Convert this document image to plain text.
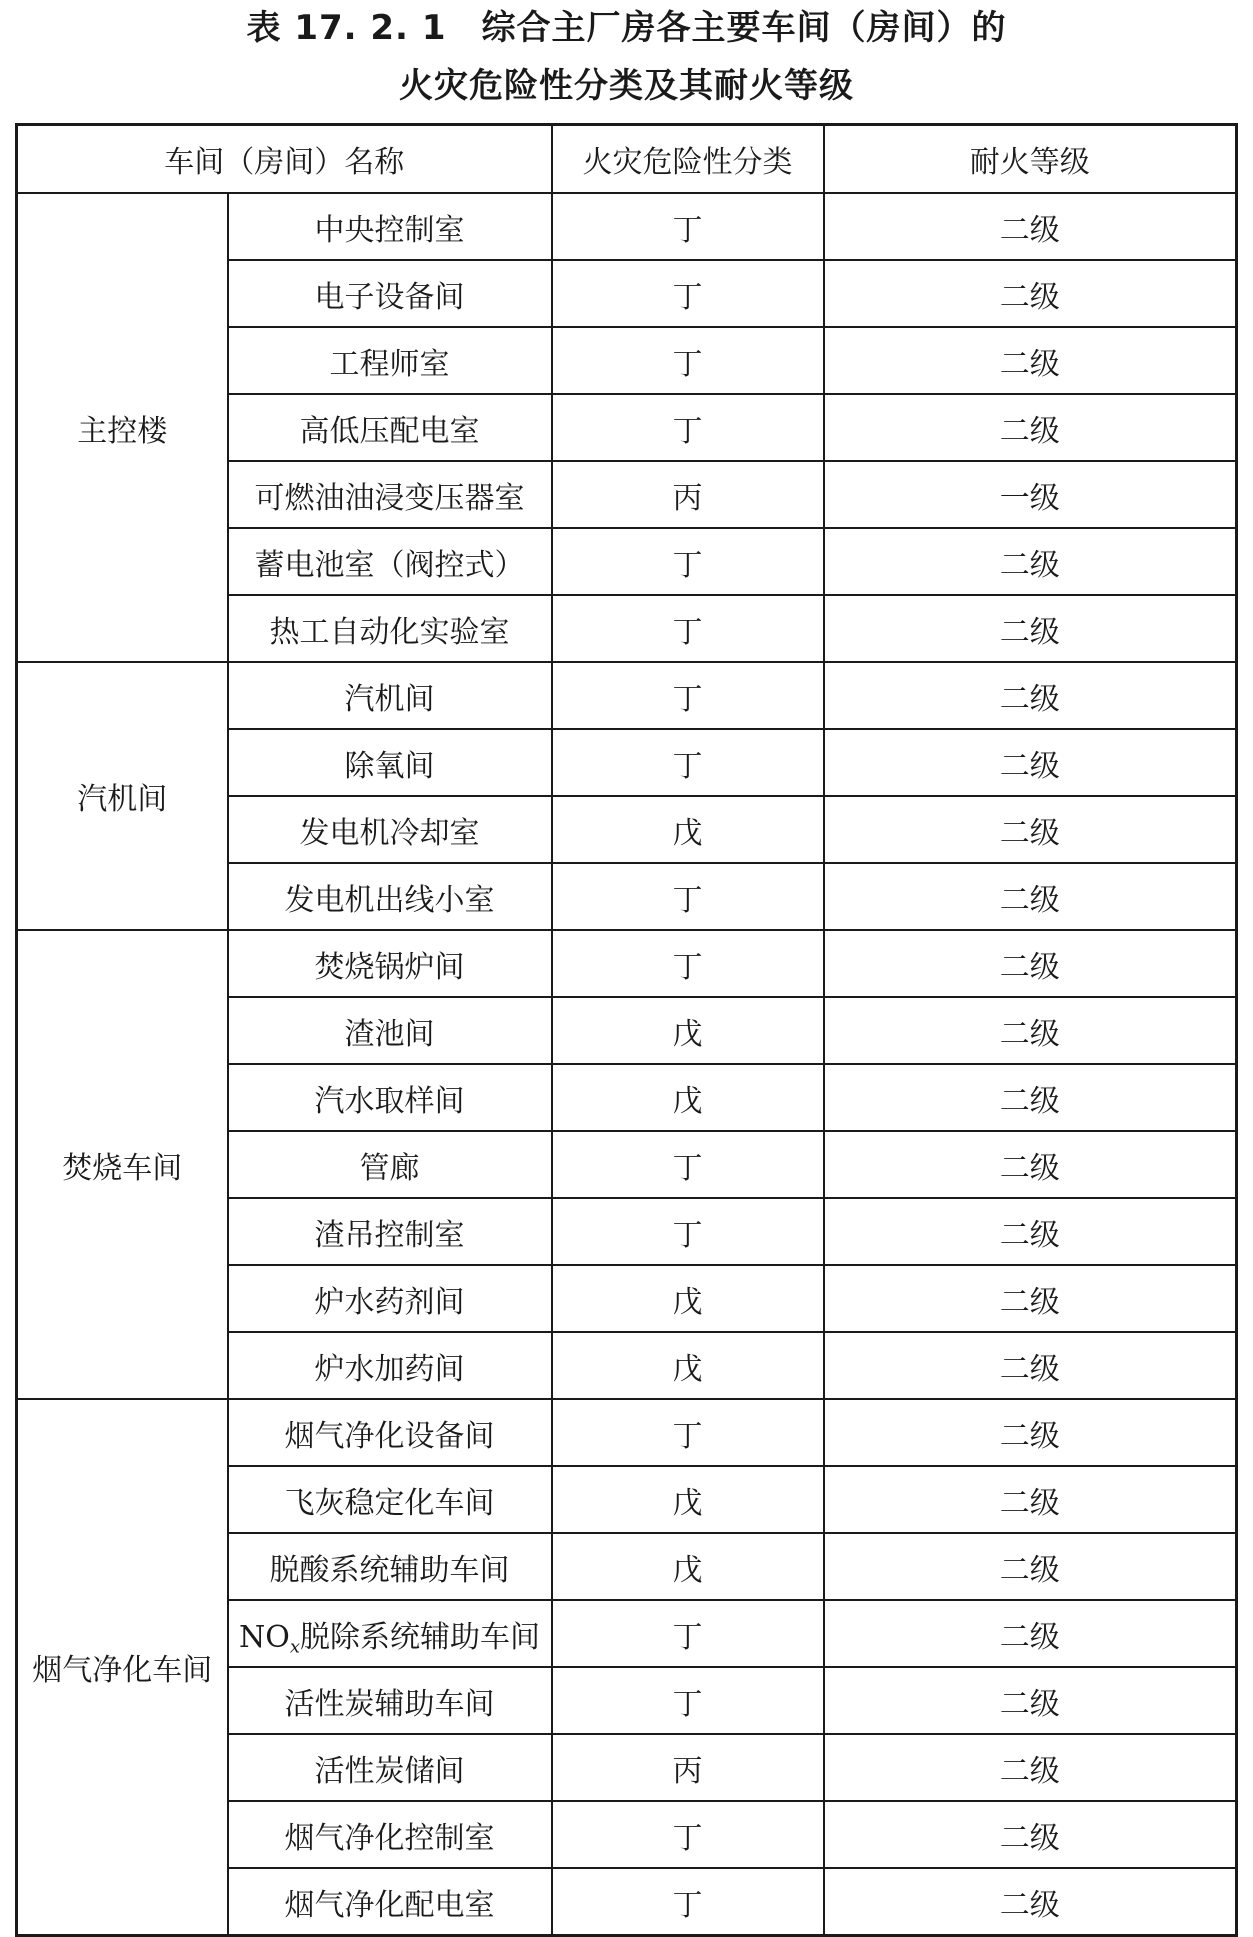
表 17. 2. 1　综合主厂房各主要车间（房间）的
火灾危险性分类及其耐火等级
车间（房间）名称		火灾危险性分类	耐火等级
主控楼	中央控制室	丁	二级
	电子设备间	丁	二级
	工程师室	丁	二级
	高低压配电室	丁	二级
	可燃油油浸变压器室	丙	一级
	蓄电池室（阀控式）	丁	二级
	热工自动化实验室	丁	二级
汽机间	汽机间	丁	二级
	除氧间	丁	二级
	发电机冷却室	戊	二级
	发电机出线小室	丁	二级
焚烧车间	焚烧锅炉间	丁	二级
	渣池间	戊	二级
	汽水取样间	戊	二级
	管廊	丁	二级
	渣吊控制室	丁	二级
	炉水药剂间	戊	二级
	炉水加药间	戊	二级
烟气净化车间	烟气净化设备间	丁	二级
	飞灰稳定化车间	戊	二级
	脱酸系统辅助车间	戊	二级
	$NO_x$脱除系统辅助车间	丁	二级
	活性炭辅助车间	丁	二级
	活性炭储间	丙	二级
	烟气净化控制室	丁	二级
	烟气净化配电室	丁	二级
